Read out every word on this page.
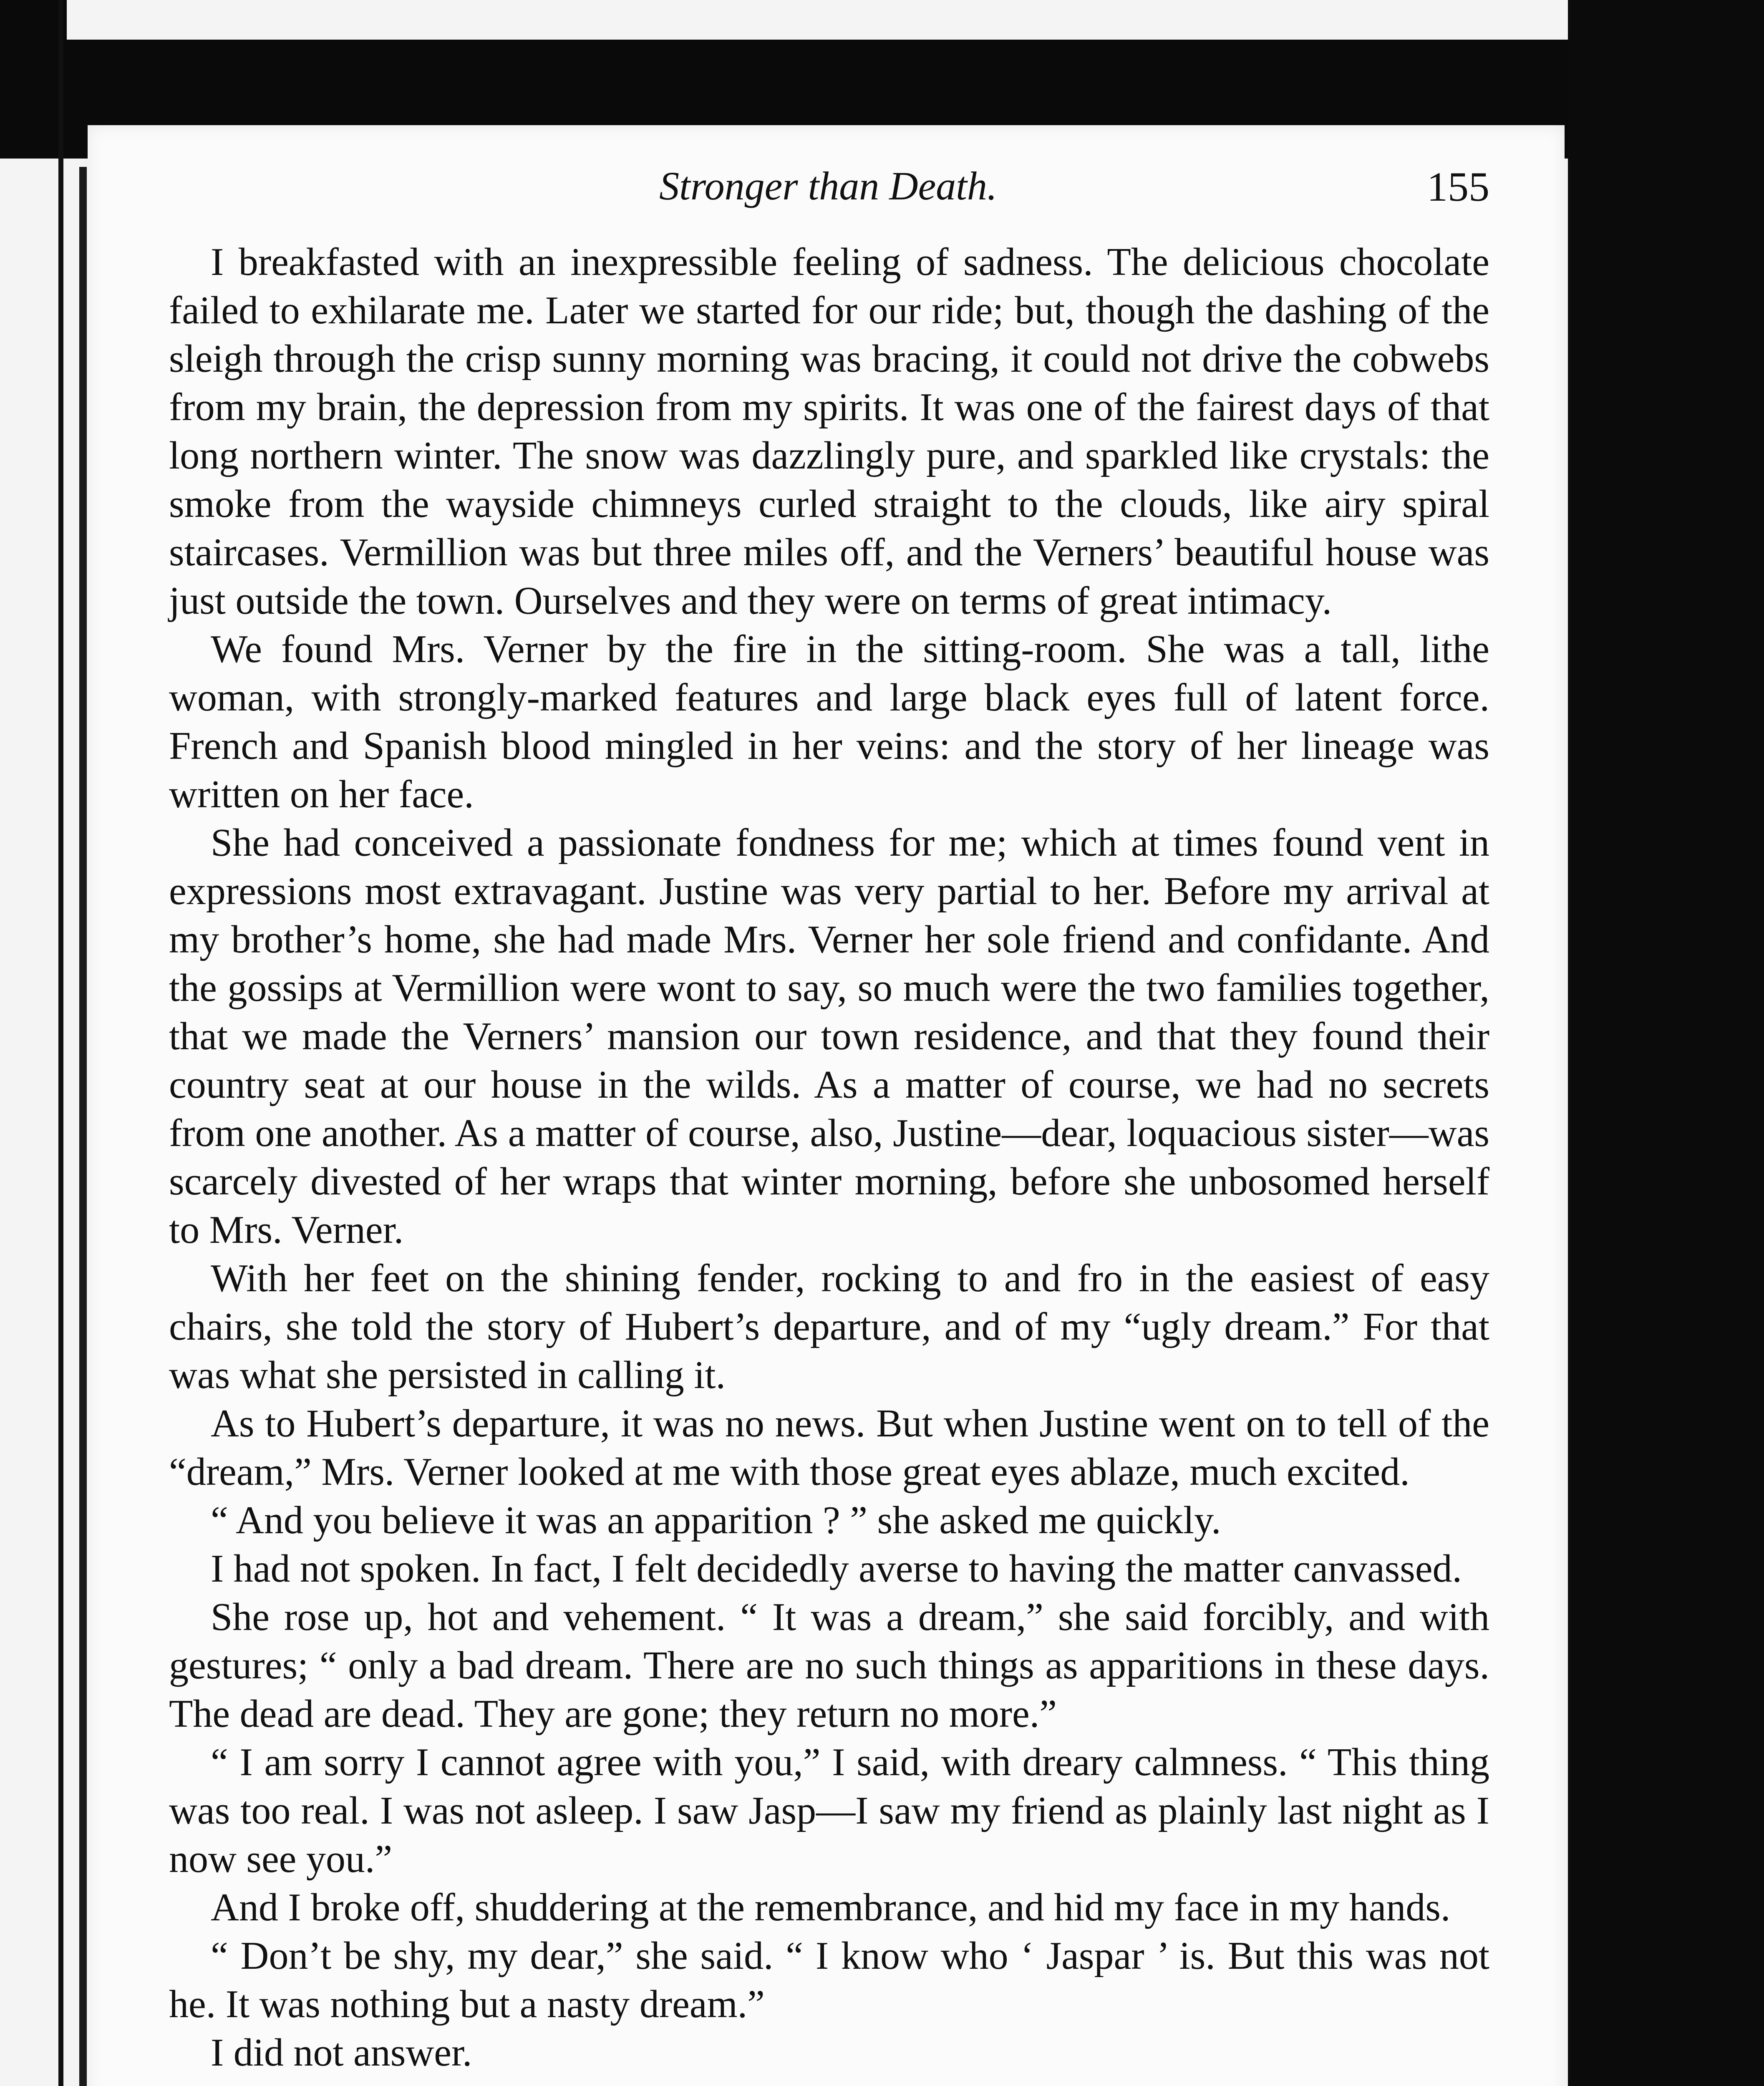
Stronger than Death.	155

I breakfasted with an inexpressible feeling of sadness. The delicious chocolate failed to exhilarate me. Later we started for our ride; but, though the dashing of the sleigh through the crisp sunny morning was bracing, it could not drive the cobwebs from my brain, the depression from my spirits. It was one of the fairest days of that long northern winter. The snow was dazzlingly pure, and sparkled like crystals: the smoke from the wayside chimneys curled straight to the clouds, like airy spiral staircases. Vermillion was but three miles off, and the Verners’ beautiful house was just outside the town. Ourselves and they were on terms of great intimacy.

We found Mrs. Verner by the fire in the sitting-room. She was a tall, lithe woman, with strongly-marked features and large black eyes full of latent force. French and Spanish blood mingled in her veins: and the story of her lineage was written on her face.

She had conceived a passionate fondness for me; which at times found vent in expressions most extravagant. Justine was very partial to her. Before my arrival at my brother’s home, she had made Mrs. Verner her sole friend and confidante. And the gossips at Vermillion were wont to say, so much were the two families together, that we made the Verners’ mansion our town residence, and that they found their country seat at our house in the wilds. As a matter of course, we had no secrets from one another. As a matter of course, also, Justine—dear, loquacious sister—was scarcely divested of her wraps that winter morning, before she unbosomed herself to Mrs. Verner.

With her feet on the shining fender, rocking to and fro in the easiest of easy chairs, she told the story of Hubert’s departure, and of my “ugly dream.” For that was what she persisted in calling it.

As to Hubert’s departure, it was no news. But when Justine went on to tell of the “dream,” Mrs. Verner looked at me with those great eyes ablaze, much excited.

“ And you believe it was an apparition ? ” she asked me quickly.

I had not spoken. In fact, I felt decidedly averse to having the matter canvassed.

She rose up, hot and vehement. “ It was a dream,” she said forcibly, and with gestures; “ only a bad dream. There are no such things as apparitions in these days. The dead are dead. They are gone; they return no more.”

“ I am sorry I cannot agree with you,” I said, with dreary calmness. “ This thing was too real. I was not asleep. I saw Jasp—I saw my friend as plainly last night as I now see you.”

And I broke off, shuddering at the remembrance, and hid my face in my hands.

“ Don’t be shy, my dear,” she said. “ I know who ‘ Jaspar ’ is. But this was not he. It was nothing but a nasty dream.”

I did not answer.
